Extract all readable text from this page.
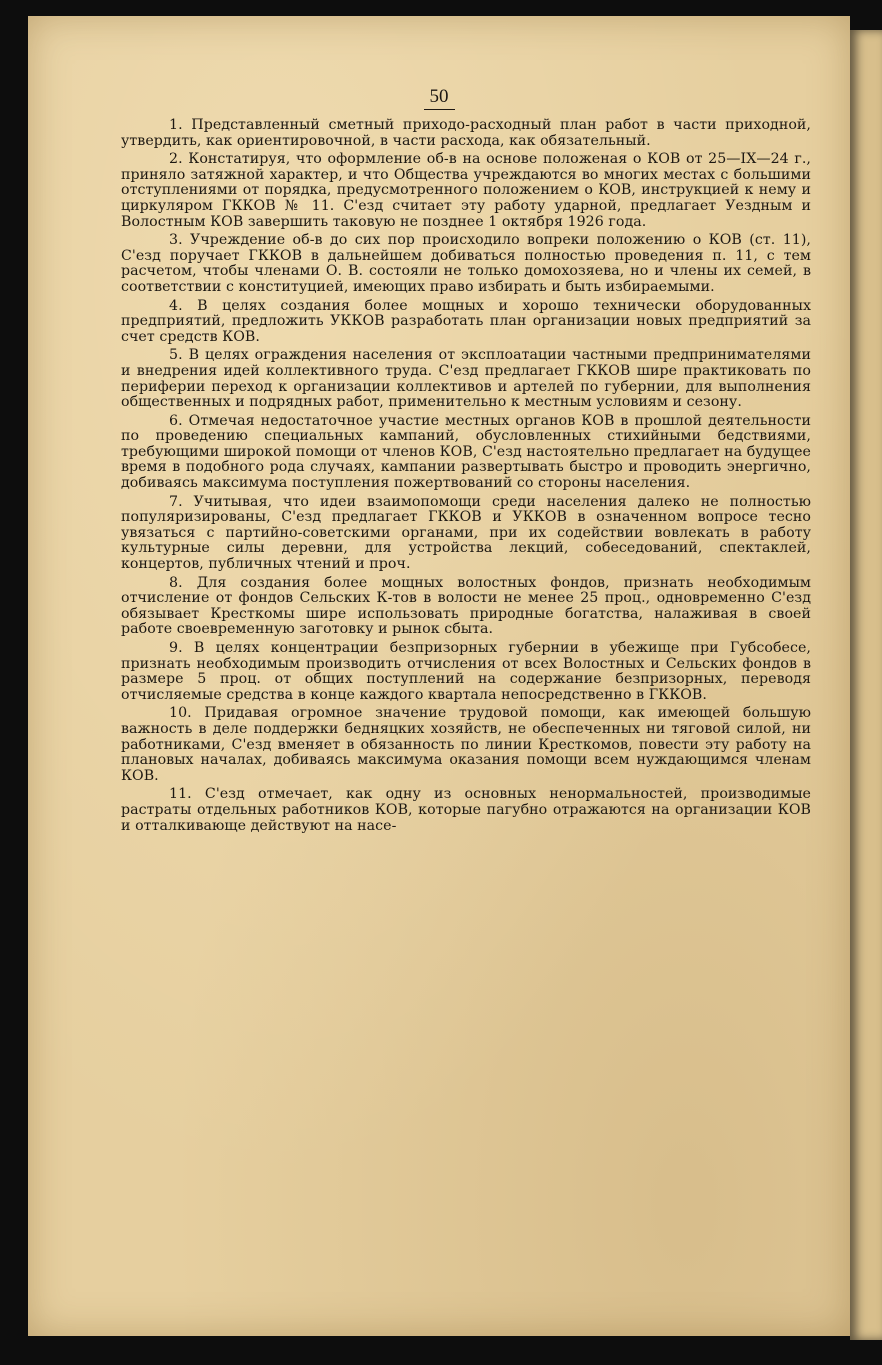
50

1. Представленный сметный приходо-расходный план работ в части приходной, утвердить, как ориентировочной, в части расхода, как обязательный.

2. Констатируя, что оформление об-в на основе положеная о КОВ от 25—IX—24 г., приняло затяжной характер, и что Общества учреждаются во многих местах с большими отступлениями от порядка, предусмотренного положением о КОВ, инструкцией к нему и циркуляром ГККОВ № 11. С'езд считает эту работу ударной, предлагает Уездным и Волостным КОВ завершить таковую не позднее 1 октября 1926 года.

3. Учреждение об-в до сих пор происходило вопреки положению о КОВ (ст. 11), С'езд поручает ГККОВ в дальнейшем добиваться полностью проведения п. 11, с тем расчетом, чтобы членами О. В. состояли не только домохозяева, но и члены их семей, в соответствии с конституцией, имеющих право избирать и быть избираемыми.

4. В целях создания более мощных и хорошо технически оборудованных предприятий, предложить УККОВ разработать план организации новых предприятий за счет средств КОВ.

5. В целях ограждения населения от эксплоатации частными предпринимателями и внедрения идей коллективного труда. С'езд предлагает ГККОВ шире практиковать по периферии переход к организации коллективов и артелей по губернии, для выполнения общественных и подрядных работ, применительно к местным условиям и сезону.

6. Отмечая недостаточное участие местных органов КОВ в прошлой деятельности по проведению специальных кампаний, обусловленных стихийными бедствиями, требующими широкой помощи от членов КОВ, С'езд настоятельно предлагает на будущее время в подобного рода случаях, кампании развертывать быстро и проводить энергично, добиваясь максимума поступления пожертвований со стороны населения.

7. Учитывая, что идеи взаимопомощи среди населения далеко не полностью популяризированы, С'езд предлагает ГККОВ и УККОВ в означенном вопросе тесно увязаться с партийно-советскими органами, при их содействии вовлекать в работу культурные силы деревни, для устройства лекций, собеседований, спектаклей, концертов, публичных чтений и проч.

8. Для создания более мощных волостных фондов, признать необходимым отчисление от фондов Сельских К-тов в волости не менее 25 проц., одновременно С'езд обязывает Кресткомы шире использовать природные богатства, налаживая в своей работе своевременную заготовку и рынок сбыта.

9. В целях концентрации безпризорных губернии в убежище при Губсобесе, признать необходимым производить отчисления от всех Волостных и Сельских фондов в размере 5 проц. от общих поступлений на содержание безпризорных, переводя отчисляемые средства в конце каждого квартала непосредственно в ГККОВ.

10. Придавая огромное значение трудовой помощи, как имеющей большую важность в деле поддержки бедняцких хозяйств, не обеспеченных ни тяговой силой, ни работниками, С'езд вменяет в обязанность по линии Кресткомов, повести эту работу на плановых началах, добиваясь максимума оказания помощи всем нуждающимся членам КОВ.

11. С'езд отмечает, как одну из основных ненормальностей, производимые растраты отдельных работников КОВ, которые пагубно отражаются на организации КОВ и отталкивающе действуют на насе-
